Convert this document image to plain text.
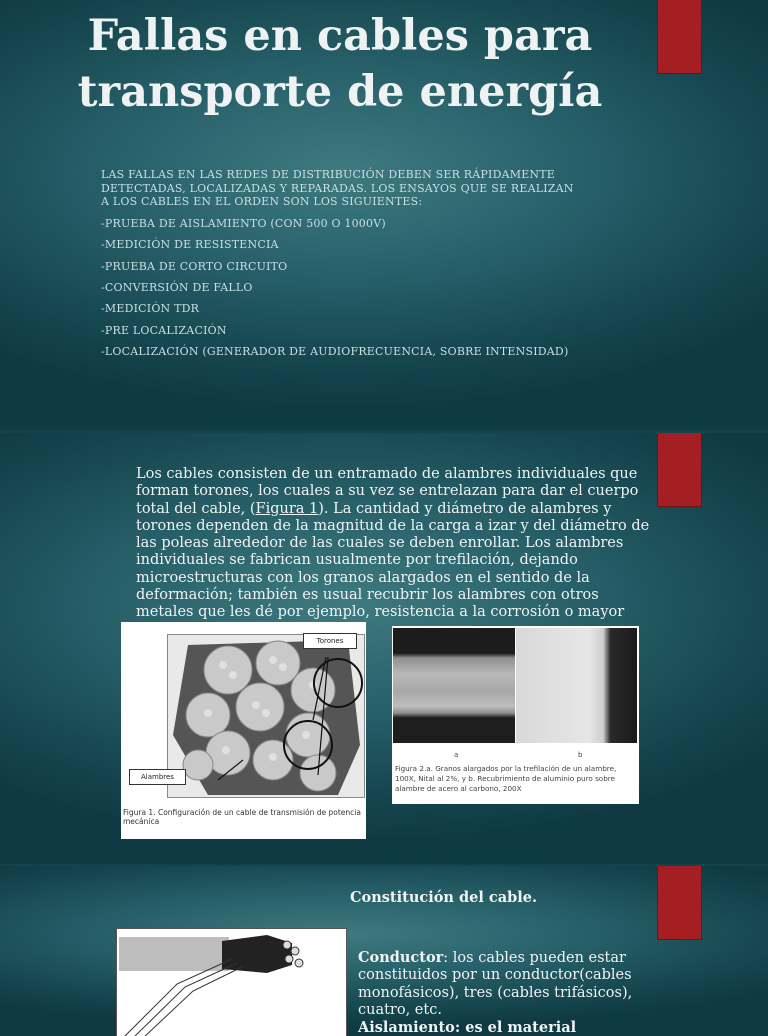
Fallas en cables para transporte de energía

LAS FALLAS EN LAS REDES DE DISTRIBUCIÓN DEBEN SER RÁPIDAMENTE DETECTADAS, LOCALIZADAS Y REPARADAS. LOS ENSAYOS QUE SE REALIZAN A LOS CABLES EN EL ORDEN SON LOS SIGUIENTES:

-PRUEBA DE AISLAMIENTO (CON 500 O 1000V)
-MEDICIÓN DE RESISTENCIA
-PRUEBA DE CORTO CIRCUITO
-CONVERSIÓN DE FALLO
-MEDICIÓN TDR
-PRE LOCALIZACIÓN
-LOCALIZACIÓN (GENERADOR DE AUDIOFRECUENCIA, SOBRE INTENSIDAD)
Los cables consisten de un entramado de alambres individuales que forman torones, los cuales a su vez se entrelazan para dar el cuerpo total del cable, (Figura 1). La cantidad y diámetro de alambres y torones dependen de la magnitud de la carga a izar y del diámetro de las poleas alrededor de las cuales se deben enrollar. Los alambres individuales se fabrican usualmente por trefilación, dejando microestructuras con los granos alargados en el sentido de la deformación; también es usual recubrir los alambres con otros metales que les dé por ejemplo, resistencia a la corrosión o mayor
Torones
Alambres
Figura 1. Configuración de un cable de transmisión de potencia mecánica
a	b
Figura 2.a. Granos alargados por la trefilación de un alambre, 100X, Nital al 2%, y b. Recubrimiento de aluminio puro sobre alambre de acero al carbono, 200X
Constitución del cable.
Conductor: los cables pueden estar constituidos por un conductor(cables monofásicos), tres (cables trifásicos), cuatro, etc.
Aislamiento: es el material
